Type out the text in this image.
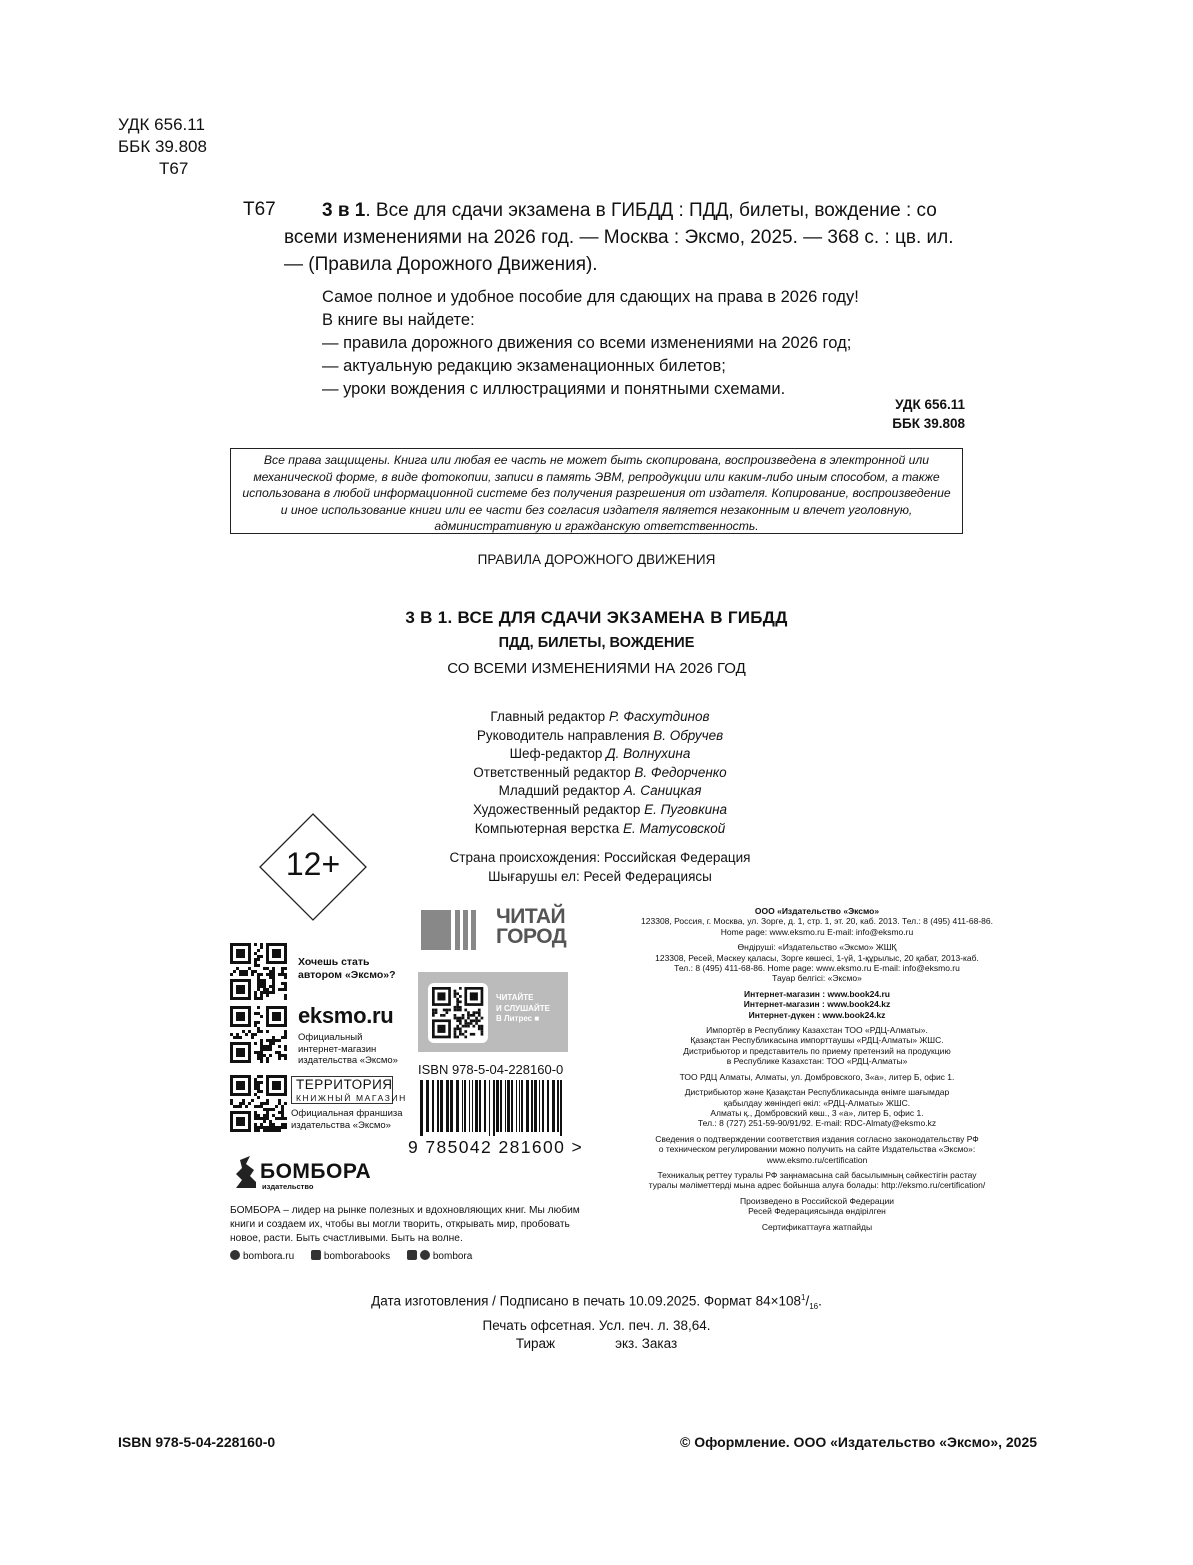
УДК 656.11
ББК 39.808
Т67
Т67	3 в 1. Все для сдачи экзамена в ГИБДД : ПДД, билеты, вождение : со всеми изменениями на 2026 год. — Москва : Эксмо, 2025. — 368 с. : цв. ил. — (Правила Дорожного Движения).
Самое полное и удобное пособие для сдающих на права в 2026 году!
В книге вы найдете:
— правила дорожного движения со всеми изменениями на 2026 год;
— актуальную редакцию экзаменационных билетов;
— уроки вождения с иллюстрациями и понятными схемами.
УДК 656.11
ББК 39.808
Все права защищены. Книга или любая ее часть не может быть скопирована, воспроизведена в электронной или механической форме, в виде фотокопии, записи в память ЭВМ, репродукции или каким-либо иным способом, а также использована в любой информационной системе без получения разрешения от издателя. Копирование, воспроизведение и иное использование книги или ее части без согласия издателя является незаконным и влечет уголовную, административную и гражданскую ответственность.
ПРАВИЛА ДОРОЖНОГО ДВИЖЕНИЯ
3 В 1. ВСЕ ДЛЯ СДАЧИ ЭКЗАМЕНА В ГИБДД
ПДД, БИЛЕТЫ, ВОЖДЕНИЕ
СО ВСЕМИ ИЗМЕНЕНИЯМИ НА 2026 ГОД
Главный редактор Р. Фасхутдинов
Руководитель направления В. Обручев
Шеф-редактор Д. Волнухина
Ответственный редактор В. Федорченко
Младший редактор А. Саницкая
Художественный редактор Е. Пуговкина
Компьютерная верстка Е. Матусовской
Страна происхождения: Российская Федерация
Шығарушы ел: Ресей Федерациясы
12+
Хочешь стать
автором «Эксмо»?
eksmo.ru
Официальный
интернет-магазин
издательства «Эксмо»
ТЕРРИТОРИЯ
КНИЖНЫЙ МАГАЗИН
Официальная франшиза
издательства «Эксмо»
ЧИТАЙ
ГОРОД
ЧИТАЙТЕ
И СЛУШАЙТЕ
В Литрес ■
ISBN 978-5-04-228160-0
9 785042 281600 >
БОМБОРА
издательство
БОМБОРА – лидер на рынке полезных и вдохновляющих книг. Мы любим книги и создаем их, чтобы вы могли творить, открывать мир, пробовать новое, расти. Быть счастливыми. Быть на волне.
bombora.ru	bomborabooks	bombora
ООО «Издательство «Эксмо»
123308, Россия, г. Москва, ул. Зорге, д. 1, стр. 1, эт. 20, каб. 2013. Тел.: 8 (495) 411-68-86.
Home page: www.eksmo.ru E-mail: info@eksmo.ru
Өндіруші: «Издательство «Эксмо» ЖШҚ
123308, Ресей, Мәскеу қаласы, Зорге көшесі, 1-үй, 1-құрылыс, 20 қабат, 2013-каб.
Тел.: 8 (495) 411-68-86. Home page: www.eksmo.ru E-mail: info@eksmo.ru
Тауар белгісі: «Эксмо»
Интернет-магазин : www.book24.ru
Интернет-магазин : www.book24.kz
Интернет-дүкен : www.book24.kz
Импортёр в Республику Казахстан ТОО «РДЦ-Алматы».
Қазақстан Республикасына импорттаушы «РДЦ-Алматы» ЖШС.
Дистрибьютор и представитель по приему претензий на продукцию
в Республике Казахстан: ТОО «РДЦ-Алматы»
ТОО РДЦ Алматы, Алматы, ул. Домбровского, 3«а», литер Б, офис 1.
Дистрибьютор және Қазақстан Республикасында өнімге шағымдар
қабылдау жөніндегі өкіл: «РДЦ-Алматы» ЖШС.
Алматы қ., Домбровский көш., 3 «а», литер Б, офис 1.
Тел.: 8 (727) 251-59-90/91/92. E-mail: RDC-Almaty@eksmo.kz
Сведения о подтверждении соответствия издания согласно законодательству РФ
о техническом регулировании можно получить на сайте Издательства «Эксмо»:
www.eksmo.ru/certification
Техникалық реттеу туралы РФ заңнамасына сай басылымның сәйкестігін растау
туралы мәліметтерді мына адрес бойынша алуға болады: http://eksmo.ru/certification/
Произведено в Российской Федерации
Ресей Федерациясында өндірілген
Сертификаттауға жатпайды
Дата изготовления / Подписано в печать 10.09.2025. Формат $84\times 108^1/_{16}$.
Печать офсетная. Усл. печ. л. 38,64.
Тираж                экз. Заказ
ISBN 978-5-04-228160-0	© Оформление. ООО «Издательство «Эксмо», 2025
